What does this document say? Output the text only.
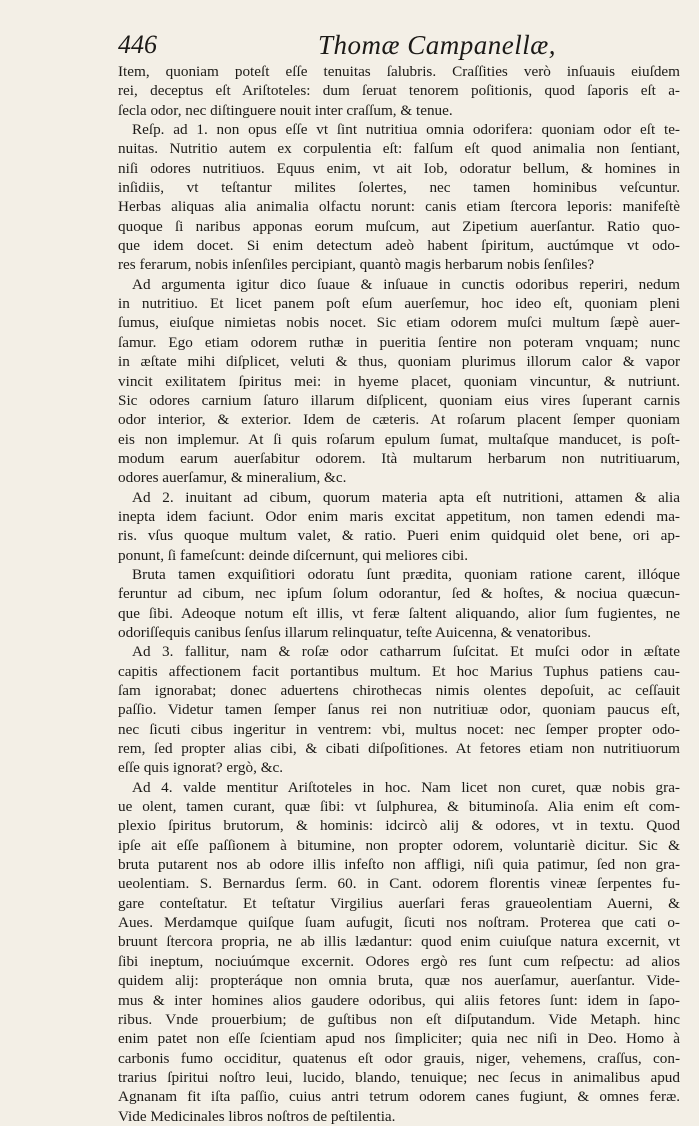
446	Thomæ Campanellæ,
Item, quoniam poteſt eſſe tenuitas ſalubris. Craſſities verò inſuauis eiuſdem
rei, deceptus eſt Ariſtoteles: dum ſeruat tenorem poſitionis, quod ſaporis eſt a-
ſecla odor, nec diſtinguere nouit inter craſſum, & tenue.
Reſp. ad 1. non opus eſſe vt ſint nutritiua omnia odorifera: quoniam odor eſt te-
nuitas. Nutritio autem ex corpulentia eſt: falſum eſt quod animalia non ſentiant,
niſi odores nutritiuos. Equus enim, vt ait Iob, odoratur bellum, & homines in
inſidiis, vt teſtantur milites ſolertes, nec tamen hominibus veſcuntur.
Herbas aliquas alia animalia olfactu norunt: canis etiam ſtercora leporis: manifeſtè
quoque ſi naribus apponas eorum muſcum, aut Zipetium auerſantur. Ratio quo-
que idem docet. Si enim detectum adeò habent ſpiritum, auctúmque vt odo-
res ferarum, nobis inſenſiles percipiant, quantò magis herbarum nobis ſenſiles?
Ad argumenta igitur dico ſuaue & inſuaue in cunctis odoribus reperiri, nedum
in nutritiuo. Et licet panem poſt eſum auerſemur, hoc ideo eſt, quoniam pleni
ſumus, eiuſque nimietas nobis nocet. Sic etiam odorem muſci multum ſæpè auer-
ſamur. Ego etiam odorem ruthæ in pueritia ſentire non poteram vnquam; nunc
in æſtate mihi diſplicet, veluti & thus, quoniam plurimus illorum calor & vapor
vincit exilitatem ſpiritus mei: in hyeme placet, quoniam vincuntur, & nutriunt.
Sic odores carnium ſaturo illarum diſplicent, quoniam eius vires ſuperant carnis
odor interior, & exterior. Idem de cæteris. At roſarum placent ſemper quoniam
eis non implemur. At ſi quis roſarum epulum ſumat, multaſque manducet, is poſt-
modum earum auerſabitur odorem. Ità multarum herbarum non nutritiuarum,
odores auerſamur, & mineralium, &c.
Ad 2. inuitant ad cibum, quorum materia apta eſt nutritioni, attamen & alia
inepta idem faciunt. Odor enim maris excitat appetitum, non tamen edendi ma-
ris. vſus quoque multum valet, & ratio. Pueri enim quidquid olet bene, ori ap-
ponunt, ſi fameſcunt: deinde diſcernunt, qui meliores cibi.
Bruta tamen exquiſitiori odoratu ſunt prædita, quoniam ratione carent, illóque
feruntur ad cibum, nec ipſum ſolum odorantur, ſed & hoſtes, & nociua quæcun-
que ſibi. Adeoque notum eſt illis, vt feræ ſaltent aliquando, alior ſum fugientes, ne
odoriſſequis canibus ſenſus illarum relinquatur, teſte Auicenna, & venatoribus.
Ad 3. fallitur, nam & roſæ odor catharrum ſuſcitat. Et muſci odor in æſtate
capitis affectionem facit portantibus multum. Et hoc Marius Tuphus patiens cau-
ſam ignorabat; donec aduertens chirothecas nimis olentes depoſuit, ac ceſſauit
paſſio. Videtur tamen ſemper ſanus rei non nutritiuæ odor, quoniam paucus eſt,
nec ſicuti cibus ingeritur in ventrem: vbi, multus nocet: nec ſemper propter odo-
rem, ſed propter alias cibi, & cibati diſpoſitiones. At fetores etiam non nutritiuorum
eſſe quis ignorat? ergò, &c.
Ad 4. valde mentitur Ariſtoteles in hoc. Nam licet non curet, quæ nobis gra-
ue olent, tamen curant, quæ ſibi: vt ſulphurea, & bituminoſa. Alia enim eſt com-
plexio ſpiritus brutorum, & hominis: idcircò alij & odores, vt in textu. Quod
ipſe ait eſſe paſſionem à bitumine, non propter odorem, voluntariè dicitur. Sic &
bruta putarent nos ab odore illis infeſto non affligi, niſi quia patimur, ſed non gra-
ueolentiam. S. Bernardus ſerm. 60. in Cant. odorem florentis vineæ ſerpentes fu-
gare conteſtatur. Et teſtatur Virgilius auerſari feras graueolentiam Auerni, &
Aues. Merdamque quiſque ſuam aufugit, ſicuti nos noſtram. Proterea que cati o-
bruunt ſtercora propria, ne ab illis lædantur: quod enim cuiuſque natura excernit, vt
ſibi ineptum, nociuúmque excernit. Odores ergò res ſunt cum reſpectu: ad alios
quidem alij: propteráque non omnia bruta, quæ nos auerſamur, auerſantur. Vide-
mus & inter homines alios gaudere odoribus, qui aliis fetores ſunt: idem in ſapo-
ribus. Vnde prouerbium; de guſtibus non eſt diſputandum. Vide Metaph. hinc
enim patet non eſſe ſcientiam apud nos ſimpliciter; quia nec niſi in Deo. Homo à
carbonis fumo occiditur, quatenus eſt odor grauis, niger, vehemens, craſſus, con-
trarius ſpiritui noſtro leui, lucido, blando, tenuique; nec ſecus in animalibus apud
Agnanam fit iſta paſſio, cuius antri tetrum odorem canes fugiunt, & omnes feræ.
Vide Medicinales libros noſtros de peſtilentia.
